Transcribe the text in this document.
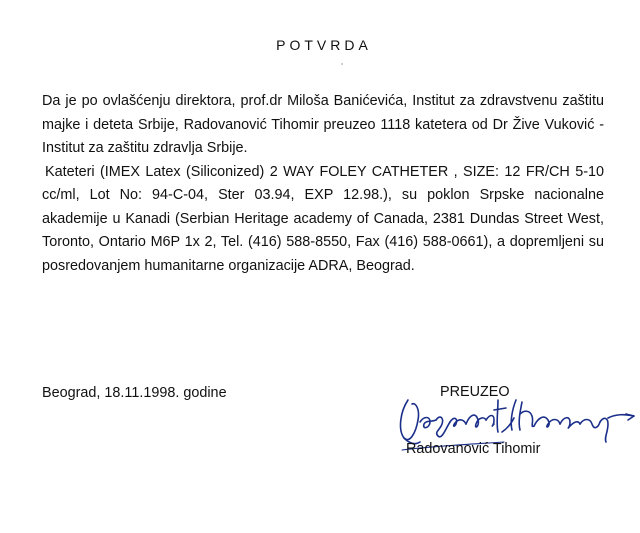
POTVRDA

Da je po ovlašćenju direktora, prof.dr Miloša Banićevića, Institut za zdravstvenu zaštitu majke i deteta Srbije, Radovanović Tihomir preuzeo 1118 katetera od Dr Žive Vuković - Institut za zaštitu zdravlja Srbije.

Kateteri (IMEX Latex (Siliconized) 2 WAY FOLEY CATHETER , SIZE: 12 FR/CH 5-10 cc/ml, Lot No: 94-C-04, Ster 03.94, EXP 12.98.), su poklon Srpske nacionalne akademije u Kanadi (Serbian Heritage academy of Canada, 2381 Dundas Street West, Toronto, Ontario M6P 1x 2, Tel. (416) 588-8550, Fax (416) 588-0661), a dopremljeni su posredovanjem humanitarne organizacije ADRA, Beograd.

Beograd, 18.11.1998. godine	PREUZEO
Radovanović Tihomir
